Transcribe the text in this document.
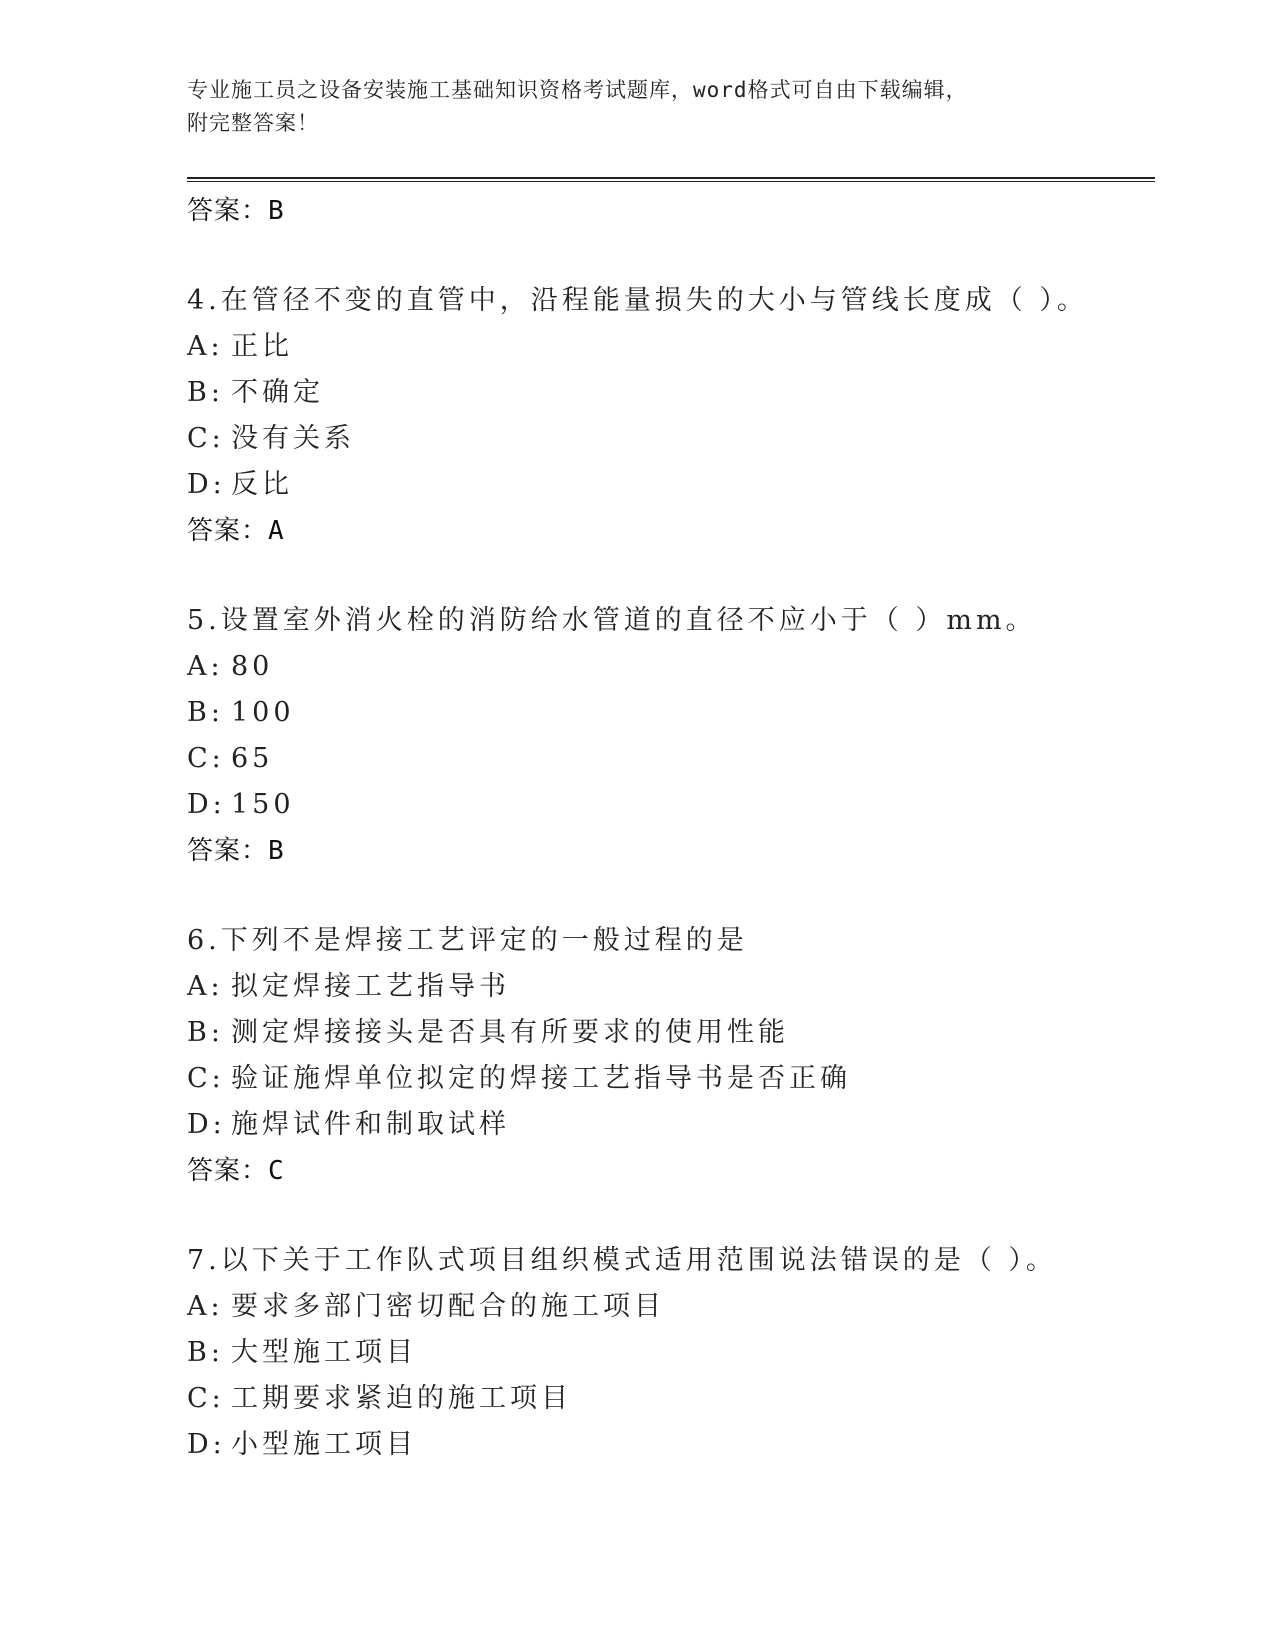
专业施工员之设备安装施工基础知识资格考试题库，word格式可自由下载编辑，
附完整答案！
答案：B
4.在管径不变的直管中，沿程能量损失的大小与管线长度成（ ）。
A: 正比
B: 不确定
C: 没有关系
D: 反比
答案：A
5.设置室外消火栓的消防给水管道的直径不应小于（ ）mm。
A: 80
B: 100
C: 65
D: 150
答案：B
6.下列不是焊接工艺评定的一般过程的是
A: 拟定焊接工艺指导书
B: 测定焊接接头是否具有所要求的使用性能
C: 验证施焊单位拟定的焊接工艺指导书是否正确
D: 施焊试件和制取试样
答案：C
7.以下关于工作队式项目组织模式适用范围说法错误的是（ ）。
A: 要求多部门密切配合的施工项目
B: 大型施工项目
C: 工期要求紧迫的施工项目
D: 小型施工项目
